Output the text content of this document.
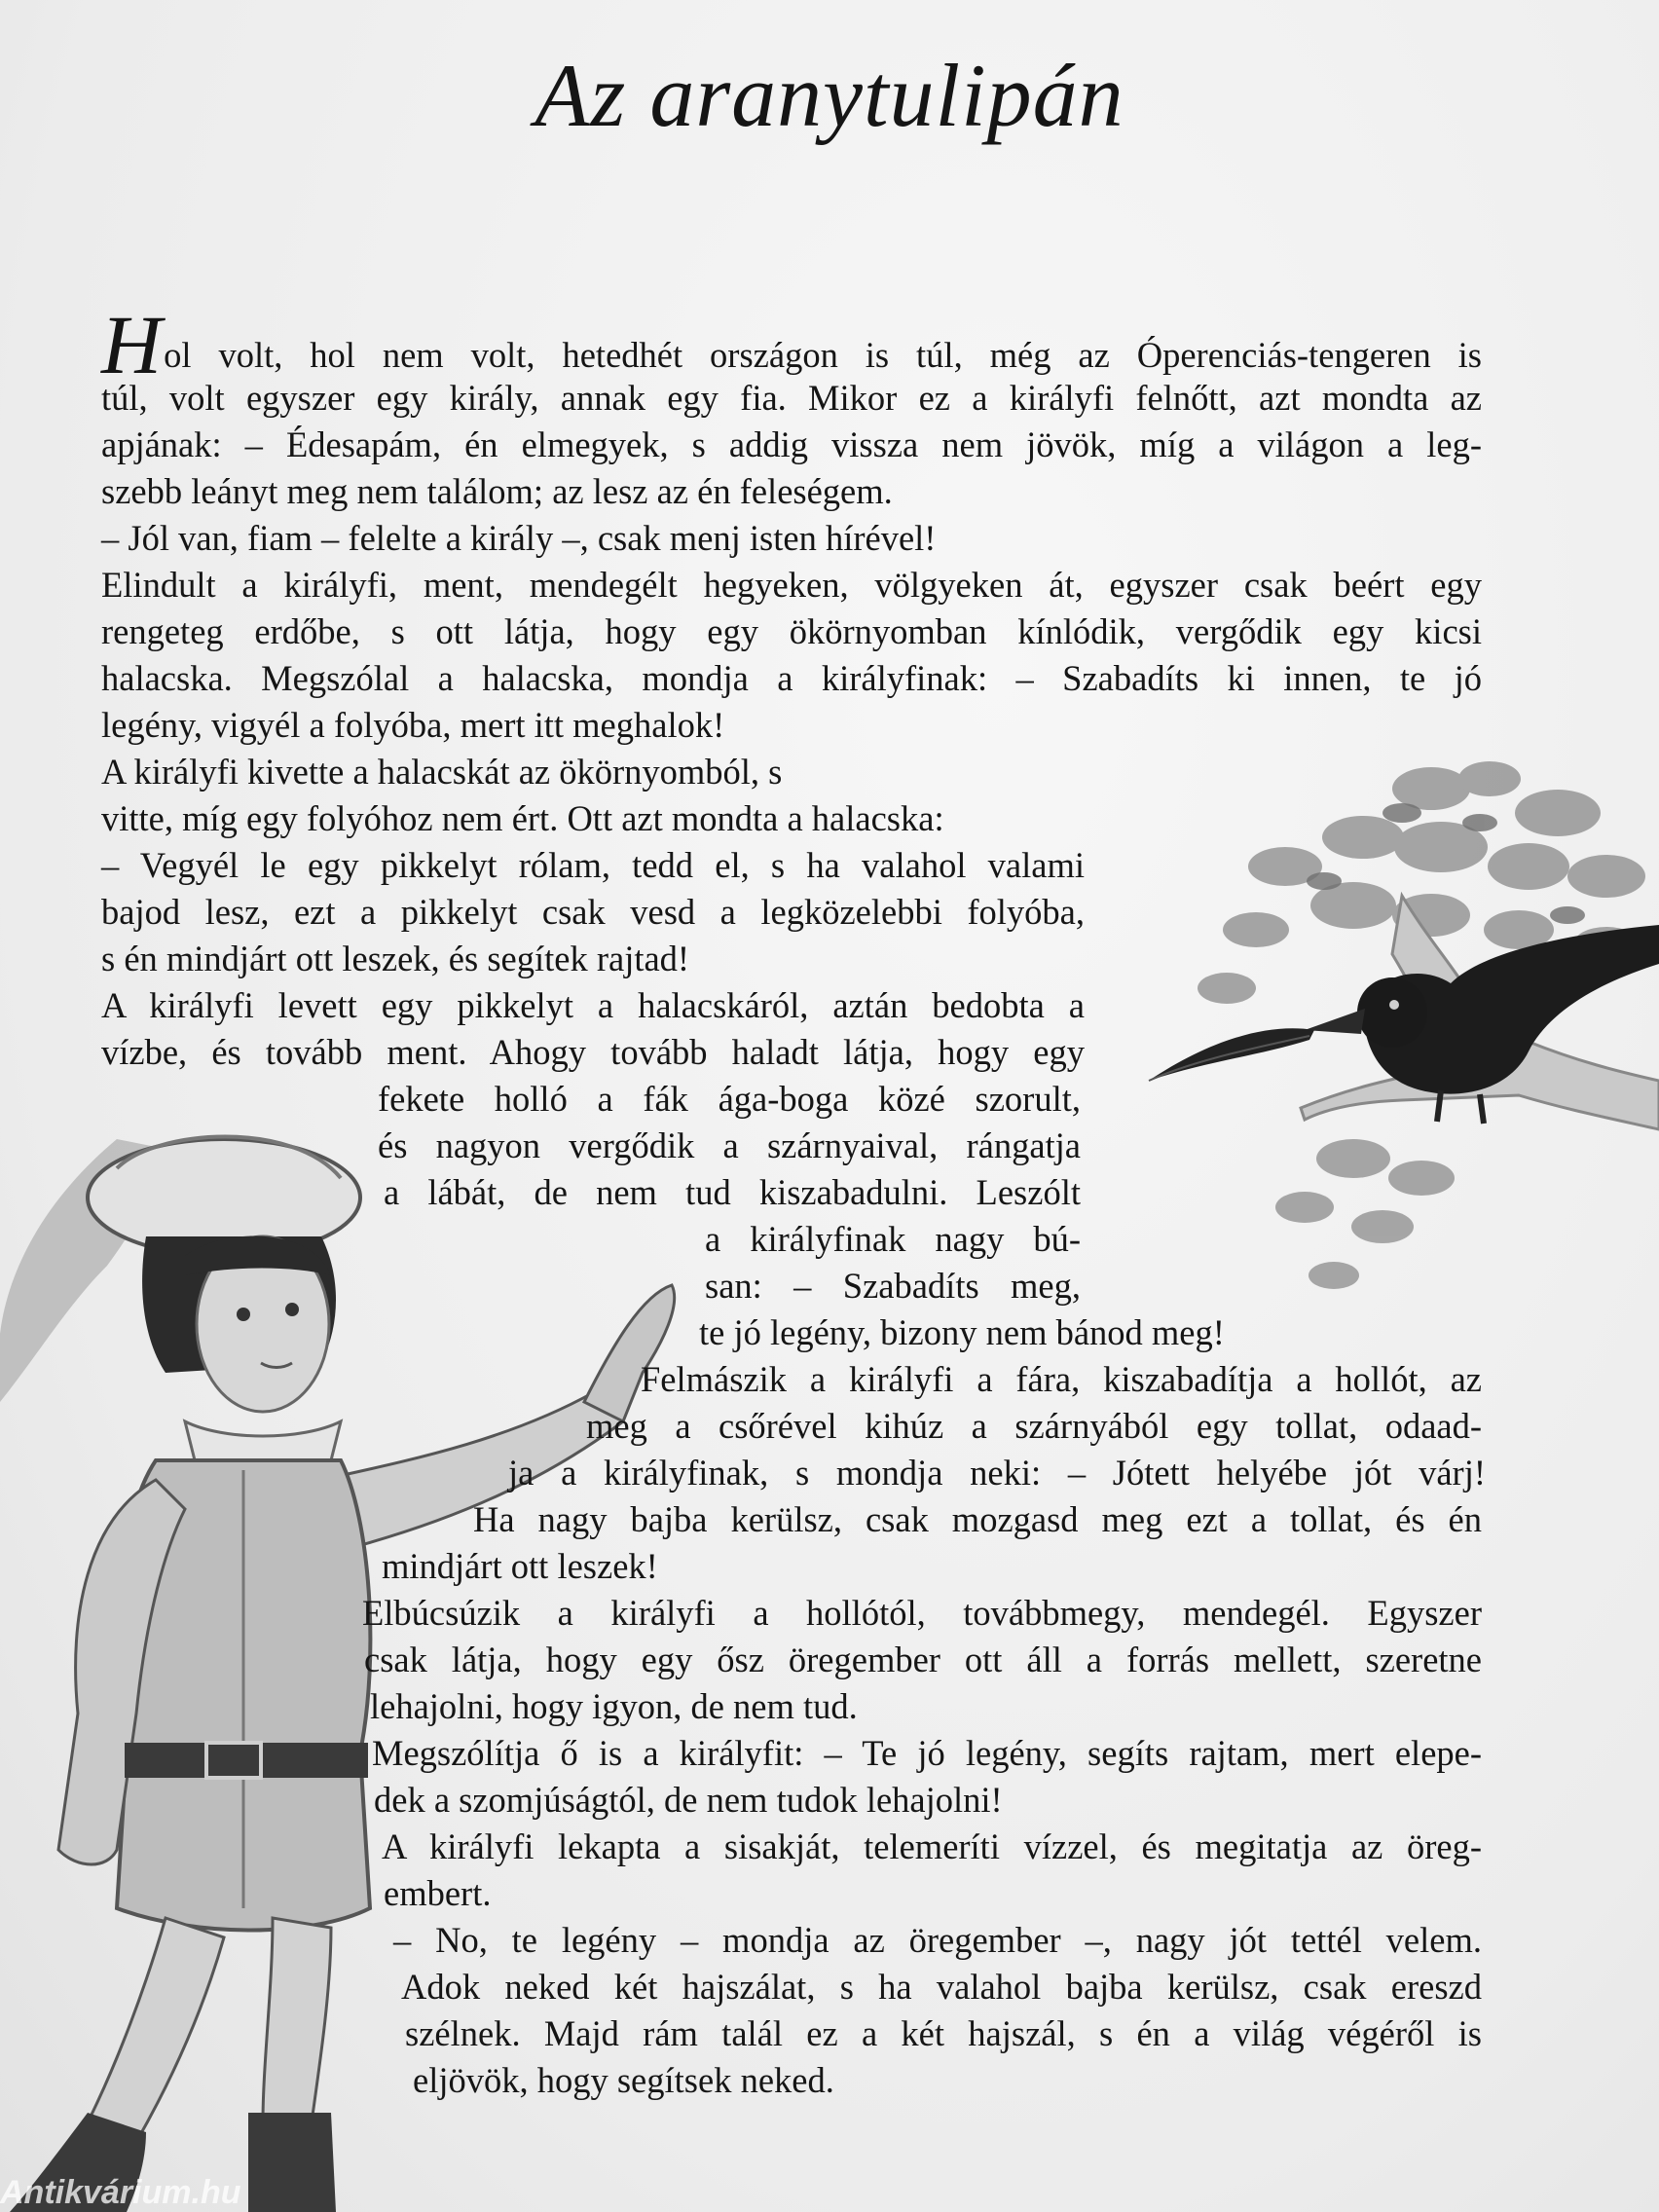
Az aranytulipán
Hol volt, hol nem volt, hetedhét országon is túl, még az Óperenciás-tengeren is
túl, volt egyszer egy király, annak egy fia. Mikor ez a királyfi felnőtt, azt mondta az
apjának: – Édesapám, én elmegyek, s addig vissza nem jövök, míg a világon a leg-
szebb leányt meg nem találom; az lesz az én feleségem.
– Jól van, fiam – felelte a király –, csak menj isten hírével!
Elindult a királyfi, ment, mendegélt hegyeken, völgyeken át, egyszer csak beért egy
rengeteg erdőbe, s ott látja, hogy egy ökörnyomban kínlódik, vergődik egy kicsi
halacska. Megszólal a halacska, mondja a királyfinak: – Szabadíts ki innen, te jó
legény, vigyél a folyóba, mert itt meghalok!
A királyfi kivette a halacskát az ökörnyomból, s
vitte, míg egy folyóhoz nem ért. Ott azt mondta a halacska:
– Vegyél le egy pikkelyt rólam, tedd el, s ha valahol valami
bajod lesz, ezt a pikkelyt csak vesd a legközelebbi folyóba,
s én mindjárt ott leszek, és segítek rajtad!
A királyfi levett egy pikkelyt a halacskáról, aztán bedobta a
vízbe, és tovább ment. Ahogy tovább haladt látja, hogy egy
fekete holló a fák ága-boga közé szorult,
és nagyon vergődik a szárnyaival, rángatja
a lábát, de nem tud kiszabadulni. Leszólt
a királyfinak nagy bú-
san: – Szabadíts meg,
te jó legény, bizony nem bánod meg!
Felmászik a királyfi a fára, kiszabadítja a hollót, az
meg a csőrével kihúz a szárnyából egy tollat, odaad-
ja a királyfinak, s mondja neki: – Jótett helyébe jót várj!
Ha nagy bajba kerülsz, csak mozgasd meg ezt a tollat, és én
mindjárt ott leszek!
Elbúcsúzik a királyfi a hollótól, továbbmegy, mendegél. Egyszer
csak látja, hogy egy ősz öregember ott áll a forrás mellett, szeretne
lehajolni, hogy igyon, de nem tud.
Megszólítja ő is a királyfit: – Te jó legény, segíts rajtam, mert elepe-
dek a szomjúságtól, de nem tudok lehajolni!
A királyfi lekapta a sisakját, telemeríti vízzel, és megitatja az öreg-
embert.
– No, te legény – mondja az öregember –, nagy jót tettél velem.
Adok neked két hajszálat, s ha valahol bajba kerülsz, csak ereszd
szélnek. Majd rám talál ez a két hajszál, s én a világ végéről is
eljövök, hogy segítsek neked.
Antikvárium.hu
